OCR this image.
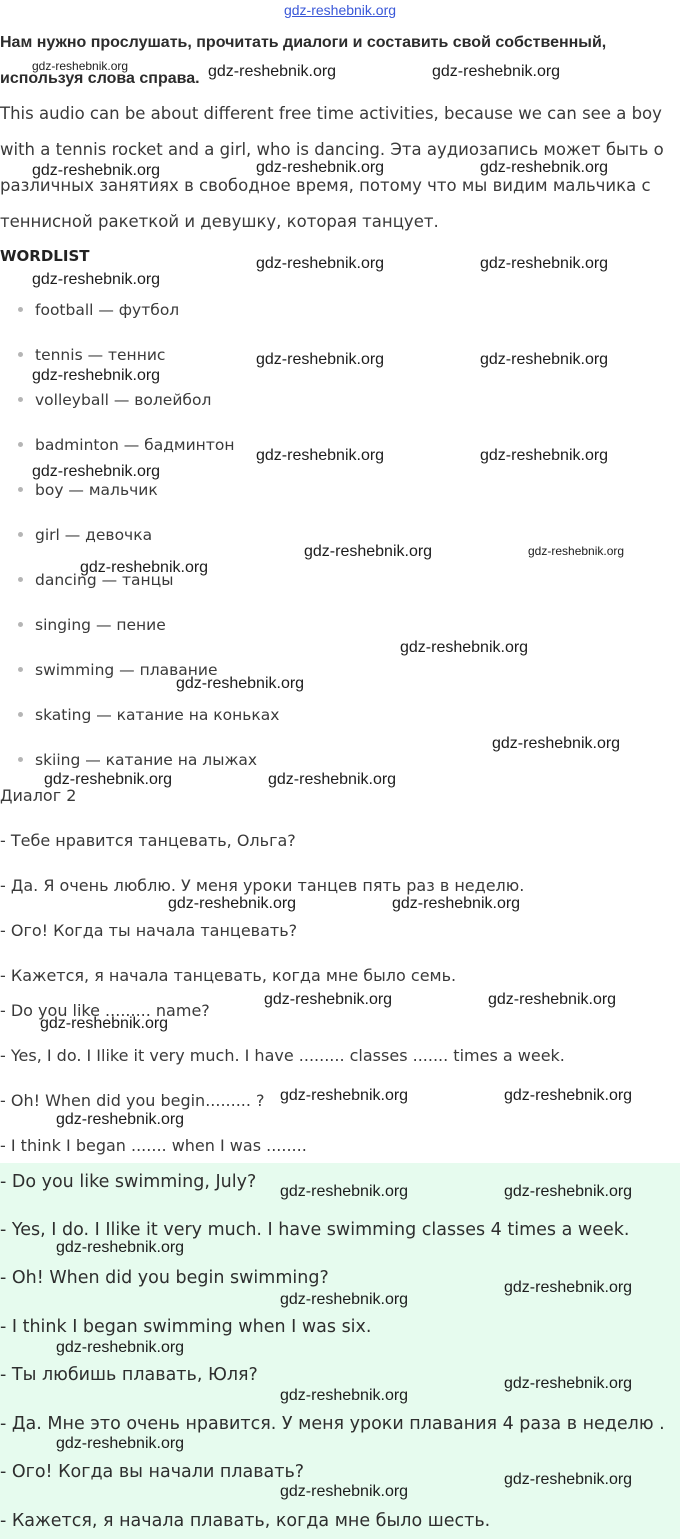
gdz-reshebnik.org
Нам нужно прослушать, прочитать диалоги и составить свой собственный,
используя слова справа.
This audio can be about different free time activities, because we can see a boy
with a tennis rocket and a girl, who is dancing. Эта аудиозапись может быть о
различных занятиях в свободное время, потому что мы видим мальчика с
теннисной ракеткой и девушку, которая танцует.
WORDLIST
football — футбол
tennis — теннис
volleyball — волейбол
badminton — бадминтон
boy — мальчик
girl — девочка
dancing — танцы
singing — пение
swimming — плавание
skating — катание на коньках
skiing — катание на лыжах
Диалог 2
- Тебе нравится танцевать, Ольга?
- Да. Я очень люблю. У меня уроки танцев пять раз в неделю.
- Ого! Когда ты начала танцевать?
- Кажется, я начала танцевать, когда мне было семь.
- Do you like ......... name?
- Yes, I do. I Ilike it very much. I have ......... classes ....... times a week.
- Oh! When did you begin......... ?
- I think I began ....... when I was ........
- Do you like swimming, July?
- Yes, I do. I Ilike it very much. I have swimming classes 4 times a week.
- Oh! When did you begin swimming?
- I think I began swimming when I was six.
- Ты любишь плавать, Юля?
- Да. Мне это очень нравится. У меня уроки плавания 4 раза в неделю .
- Ого! Когда вы начали плавать?
- Кажется, я начала плавать, когда мне было шесть.
gdz-reshebnik.org	gdz-reshebnik.org	gdz-reshebnik.org
gdz-reshebnik.org	gdz-reshebnik.org	gdz-reshebnik.org
gdz-reshebnik.org	gdz-reshebnik.org
gdz-reshebnik.org
gdz-reshebnik.org	gdz-reshebnik.org
gdz-reshebnik.org
gdz-reshebnik.org	gdz-reshebnik.org
gdz-reshebnik.org
gdz-reshebnik.org	gdz-reshebnik.org
gdz-reshebnik.org
gdz-reshebnik.org
gdz-reshebnik.org
gdz-reshebnik.org
gdz-reshebnik.org	gdz-reshebnik.org
gdz-reshebnik.org	gdz-reshebnik.org
gdz-reshebnik.org	gdz-reshebnik.org
gdz-reshebnik.org
gdz-reshebnik.org	gdz-reshebnik.org
gdz-reshebnik.org
gdz-reshebnik.org	gdz-reshebnik.org
gdz-reshebnik.org
gdz-reshebnik.org
gdz-reshebnik.org
gdz-reshebnik.org
gdz-reshebnik.org
gdz-reshebnik.org
gdz-reshebnik.org
gdz-reshebnik.org
gdz-reshebnik.org
